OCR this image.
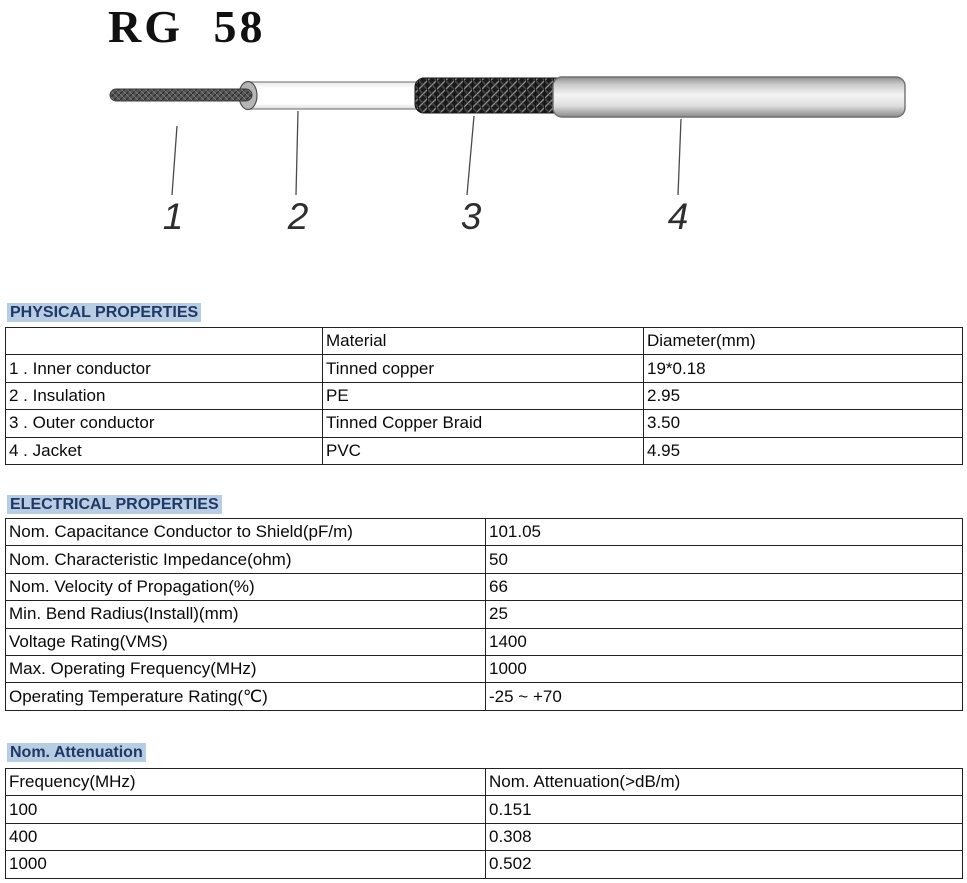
RG 58
1	2	3	4
PHYSICAL PROPERTIES
	Material	Diameter(mm)
1 . Inner conductor	Tinned copper	19*0.18
2 . Insulation	PE	2.95
3 . Outer conductor	Tinned Copper Braid	3.50
4 . Jacket	PVC	4.95
ELECTRICAL PROPERTIES
Nom. Capacitance Conductor to Shield(pF/m)	101.05
Nom. Characteristic Impedance(ohm)	50
Nom. Velocity of Propagation(%)	66
Min. Bend Radius(Install)(mm)	25
Voltage Rating(VMS)	1400
Max. Operating Frequency(MHz)	1000
Operating Temperature Rating(℃)	-25 ~ +70
Nom. Attenuation
Frequency(MHz)	Nom. Attenuation(>dB/m)
100	0.151
400	0.308
1000	0.502
